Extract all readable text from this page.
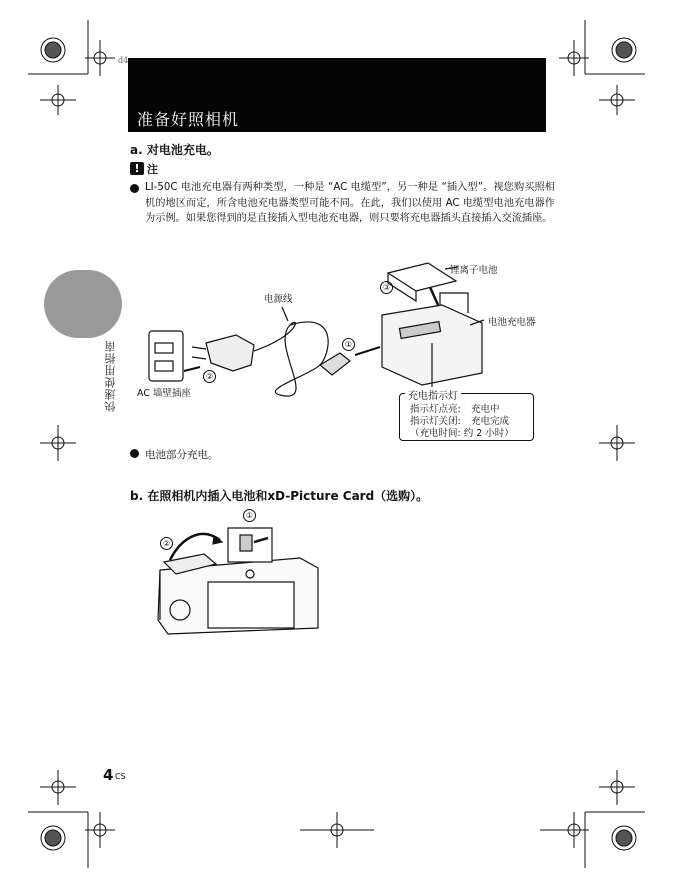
d4
准备好照相机
快速使用指南
a. 对电池充电。
! 注
LI-50C 电池充电器有两种类型，一种是 “AC 电缆型”，另一种是 “插入型”。视您购买照相机的地区而定，所含电池充电器类型可能不同。在此，我们以使用 AC 电缆型电池充电器作为示例。如果您得到的是直接插入型电池充电器，则只要将充电器插头直接插入交流插座。
锂离子电池
电源线
电池充电器
AC 墙壁插座
③
①
②
充电指示灯
指示灯点亮: 充电中
指示灯关闭: 充电完成
（充电时间: 约 2 小时）
电池部分充电。
b. 在照相机内插入电池和xD-Picture Card（选购）。
①
②
4 CS
